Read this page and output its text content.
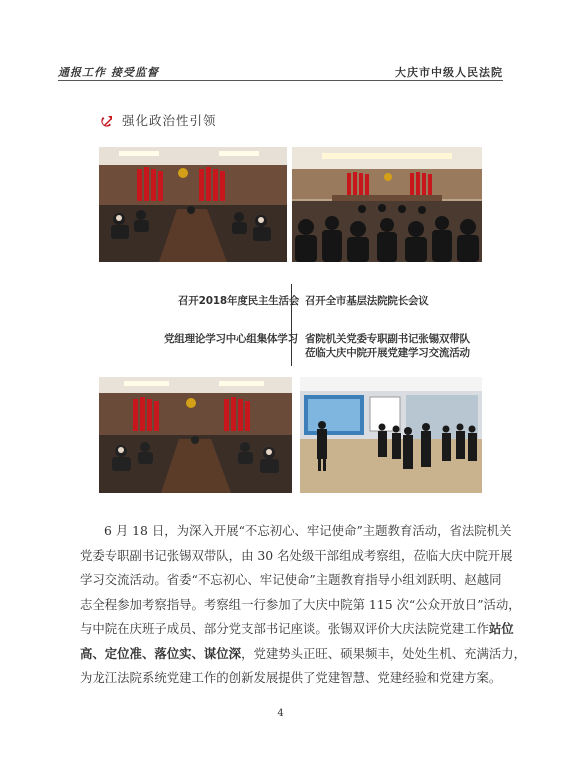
通报工作 接受监督	大庆市中级人民法院
强化政治性引领
召开2018年度民主生活会 召开全市基层法院院长会议
党组理论学习中心组集体学习 省院机关党委专职副书记张锡双带队
莅临大庆中院开展党建学习交流活动
6 月 18 日，为深入开展“不忘初心、牢记使命”主题教育活动，省法院机关
党委专职副书记张锡双带队，由 30 名处级干部组成考察组，莅临大庆中院开展
学习交流活动。省委“不忘初心、牢记使命”主题教育指导小组刘跃明、赵越同
志全程参加考察指导。考察组一行参加了大庆中院第 115 次“公众开放日”活动，
与中院在庆班子成员、部分党支部书记座谈。张锡双评价大庆法院党建工作站位
高、定位准、落位实、谋位深，党建势头正旺、硕果频丰，处处生机、充满活力，
为龙江法院系统党建工作的创新发展提供了党建智慧、党建经验和党建方案。
4
